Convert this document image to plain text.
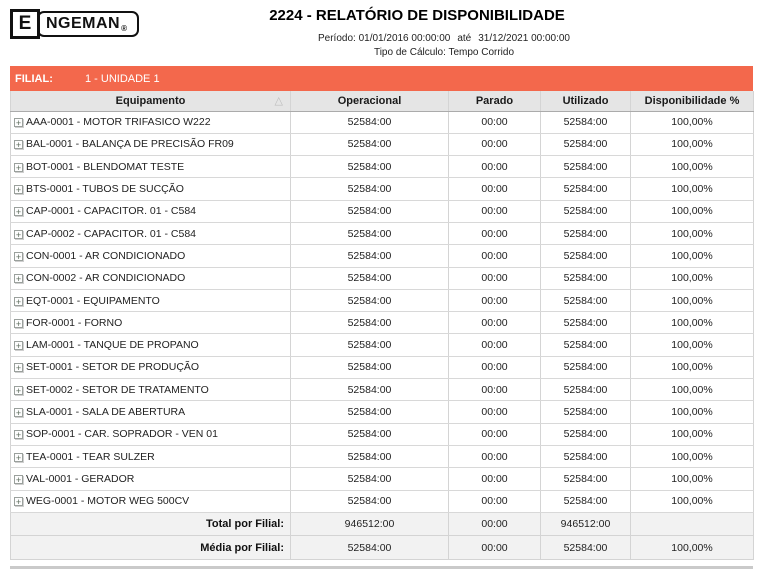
E NGEMAN ®
2224 - RELATÓRIO DE DISPONIBILIDADE
Período: 01/01/2016 00:00:00 até 31/12/2021 00:00:00
Tipo de Cálculo: Tempo Corrido
FILIAL:	1 - UNIDADE 1
Equipamento △	Operacional	Parado	Utilizado	Disponibilidade %
+ AAA-0001 - MOTOR TRIFASICO W222	52584:00	00:00	52584:00	100,00%
+ BAL-0001 - BALANÇA DE PRECISÃO FR09	52584:00	00:00	52584:00	100,00%
+ BOT-0001 - BLENDOMAT TESTE	52584:00	00:00	52584:00	100,00%
+ BTS-0001 - TUBOS DE SUCÇÃO	52584:00	00:00	52584:00	100,00%
+ CAP-0001 - CAPACITOR. 01 - C584	52584:00	00:00	52584:00	100,00%
+ CAP-0002 - CAPACITOR. 01 - C584	52584:00	00:00	52584:00	100,00%
+ CON-0001 - AR CONDICIONADO	52584:00	00:00	52584:00	100,00%
+ CON-0002 - AR CONDICIONADO	52584:00	00:00	52584:00	100,00%
+ EQT-0001 - EQUIPAMENTO	52584:00	00:00	52584:00	100,00%
+ FOR-0001 - FORNO	52584:00	00:00	52584:00	100,00%
+ LAM-0001 - TANQUE DE PROPANO	52584:00	00:00	52584:00	100,00%
+ SET-0001 - SETOR DE PRODUÇÃO	52584:00	00:00	52584:00	100,00%
+ SET-0002 - SETOR DE TRATAMENTO	52584:00	00:00	52584:00	100,00%
+ SLA-0001 - SALA DE ABERTURA	52584:00	00:00	52584:00	100,00%
+ SOP-0001 - CAR. SOPRADOR - VEN 01	52584:00	00:00	52584:00	100,00%
+ TEA-0001 - TEAR SULZER	52584:00	00:00	52584:00	100,00%
+ VAL-0001 - GERADOR	52584:00	00:00	52584:00	100,00%
+ WEG-0001 - MOTOR WEG 500CV	52584:00	00:00	52584:00	100,00%
Total por Filial:	946512:00	00:00	946512:00	
Média por Filial:	52584:00	00:00	52584:00	100,00%
